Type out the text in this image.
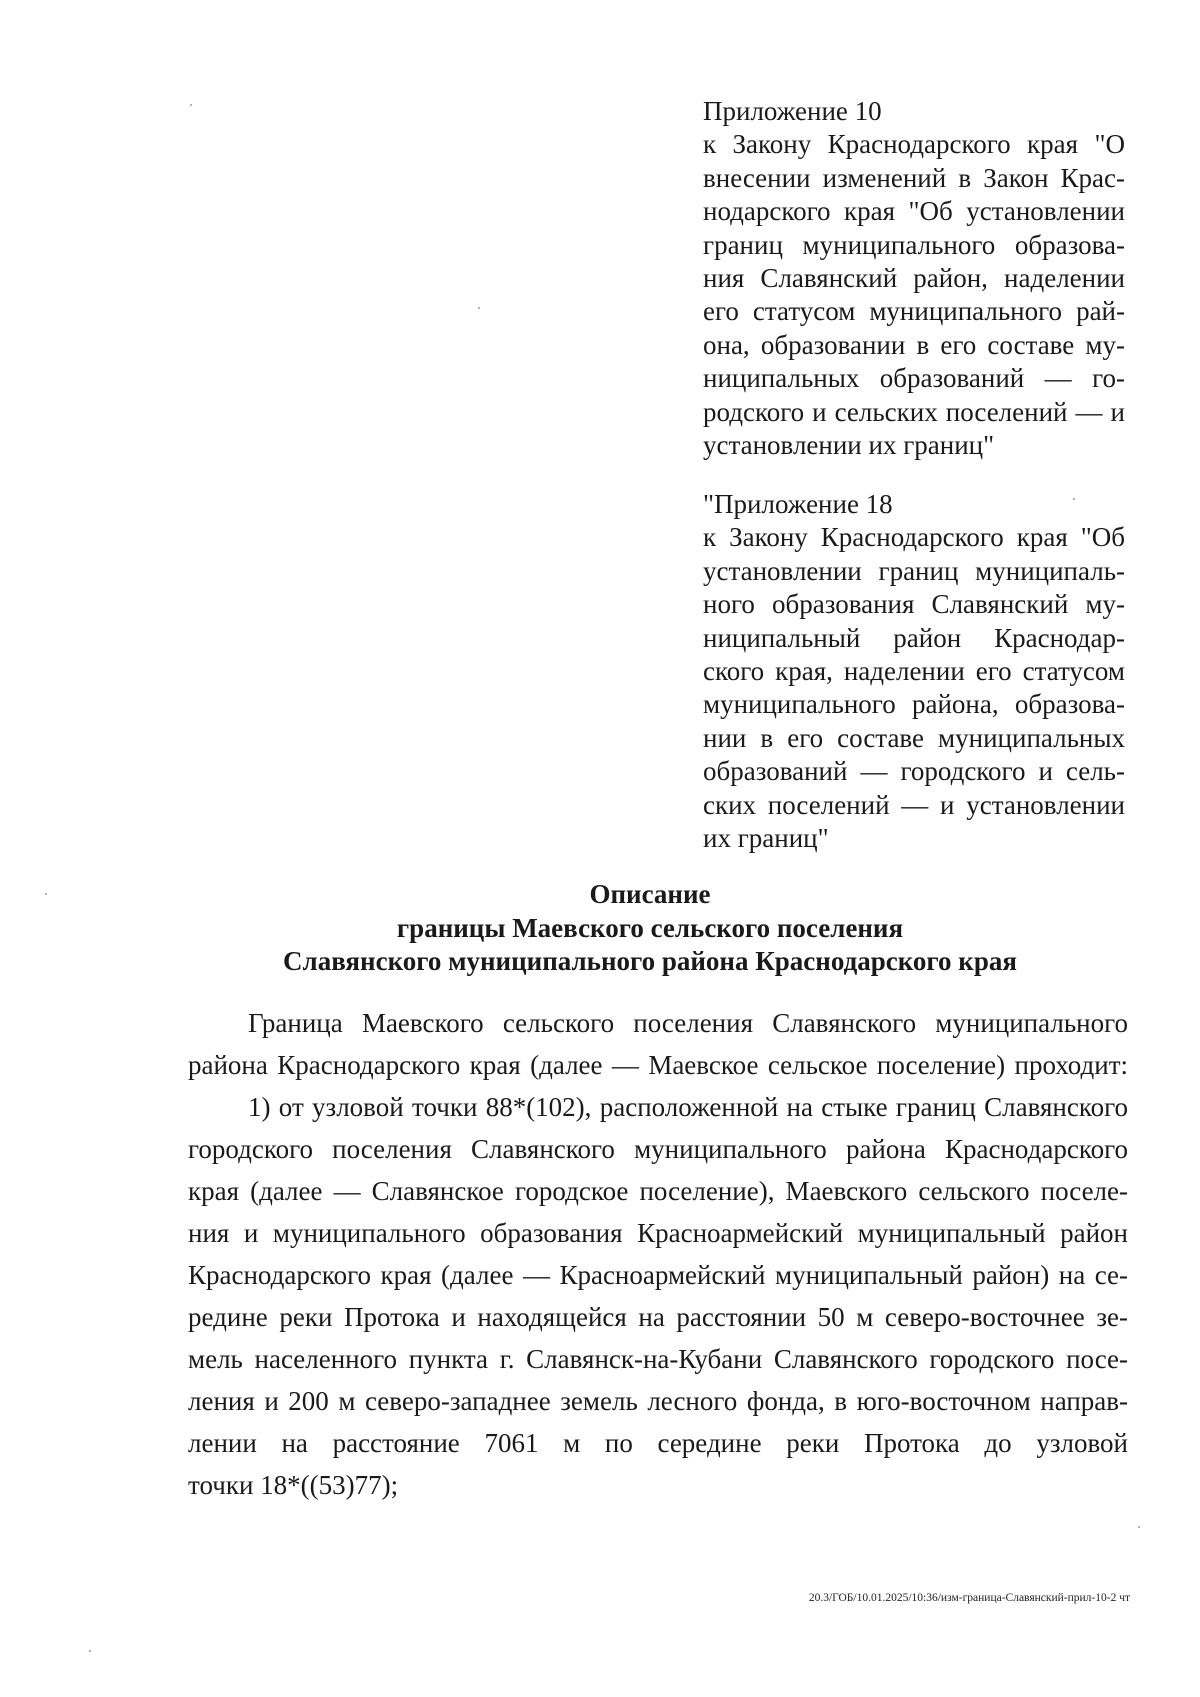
Приложение 10
к Закону Краснодарского края "О
внесении изменений в Закон Крас-
нодарского края "Об установлении
границ муниципального образова-
ния Славянский район, наделении
его статусом муниципального рай-
она, образовании в его составе му-
ниципальных образований — го-
родского и сельских поселений — и
установлении их границ"
"Приложение 18
к Закону Краснодарского края "Об
установлении границ муниципаль-
ного образования Славянский му-
ниципальный район Краснодар-
ского края, наделении его статусом
муниципального района, образова-
нии в его составе муниципальных
образований — городского и сель-
ских поселений — и установлении
их границ"
Описание
границы Маевского сельского поселения
Славянского муниципального района Краснодарского края
Граница Маевского сельского поселения Славянского муниципального
района Краснодарского края (далее — Маевское сельское поселение) проходит:
1) от узловой точки 88*(102), расположенной на стыке границ Славянского
городского поселения Славянского муниципального района Краснодарского
края (далее — Славянское городское поселение), Маевского сельского поселе-
ния и муниципального образования Красноармейский муниципальный район
Краснодарского края (далее — Красноармейский муниципальный район) на се-
редине реки Протока и находящейся на расстоянии 50 м северо-восточнее зе-
мель населенного пункта г. Славянск-на-Кубани Славянского городского посе-
ления и 200 м северо-западнее земель лесного фонда, в юго-восточном направ-
лении на расстояние 7061 м по середине реки Протока до узловой
точки 18*((53)77);
20.3/ГОБ/10.01.2025/10:36/изм-граница-Славянский-прил-10-2 чт
